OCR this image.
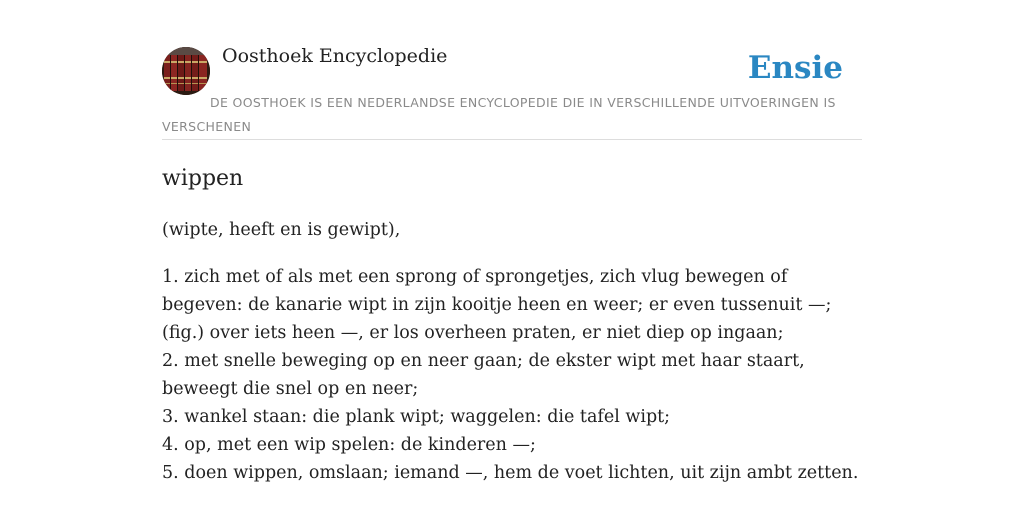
Oosthoek Encyclopedie	Ensie

DE OOSTHOEK IS EEN NEDERLANDSE ENCYCLOPEDIE DIE IN VERSCHILLENDE UITVOERINGEN IS VERSCHENEN

wippen

(wipte, heeft en is gewipt),

1. zich met of als met een sprong of sprongetjes, zich vlug bewegen of begeven: de kanarie wipt in zijn kooitje heen en weer; er even tussenuit —; (fig.) over iets heen —, er los overheen praten, er niet diep op ingaan;
2. met snelle beweging op en neer gaan; de ekster wipt met haar staart, beweegt die snel op en neer;
3. wankel staan: die plank wipt; waggelen: die tafel wipt;
4. op, met een wip spelen: de kinderen —;
5. doen wippen, omslaan; iemand —, hem de voet lichten, uit zijn ambt zetten.
